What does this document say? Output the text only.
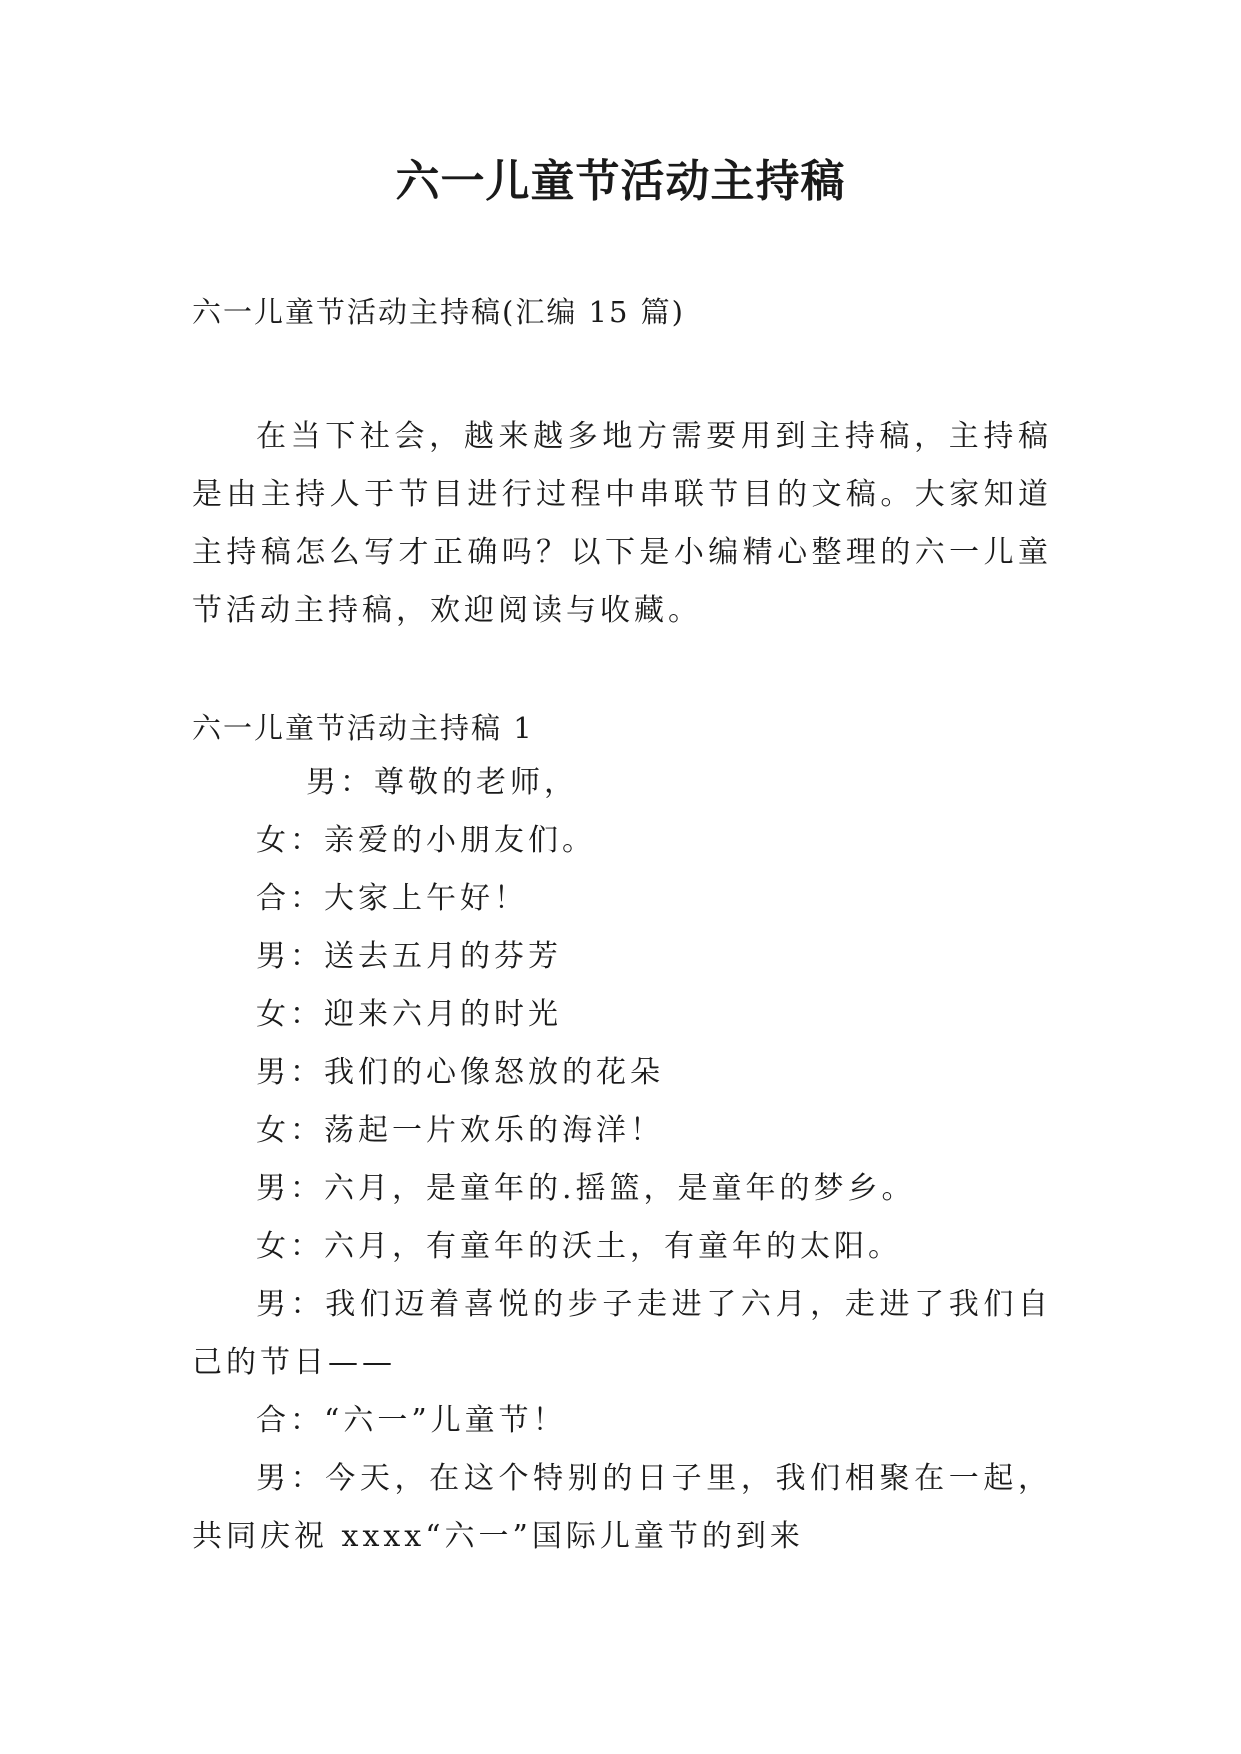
六一儿童节活动主持稿
六一儿童节活动主持稿(汇编 15 篇)

在当下社会，越来越多地方需要用到主持稿，主持稿是由主持人于节目进行过程中串联节目的文稿。大家知道主持稿怎么写才正确吗？以下是小编精心整理的六一儿童节活动主持稿，欢迎阅读与收藏。

六一儿童节活动主持稿 1

男：尊敬的老师，

女：亲爱的小朋友们。

合：大家上午好！

男：送去五月的芬芳

女：迎来六月的时光

男：我们的心像怒放的花朵

女：荡起一片欢乐的海洋！

男：六月，是童年的.摇篮，是童年的梦乡。

女：六月，有童年的沃土，有童年的太阳。

男：我们迈着喜悦的步子走进了六月，走进了我们自己的节日——

合：“六一”儿童节！

男：今天，在这个特别的日子里，我们相聚在一起，共同庆祝 xxxx“六一”国际儿童节的到来
